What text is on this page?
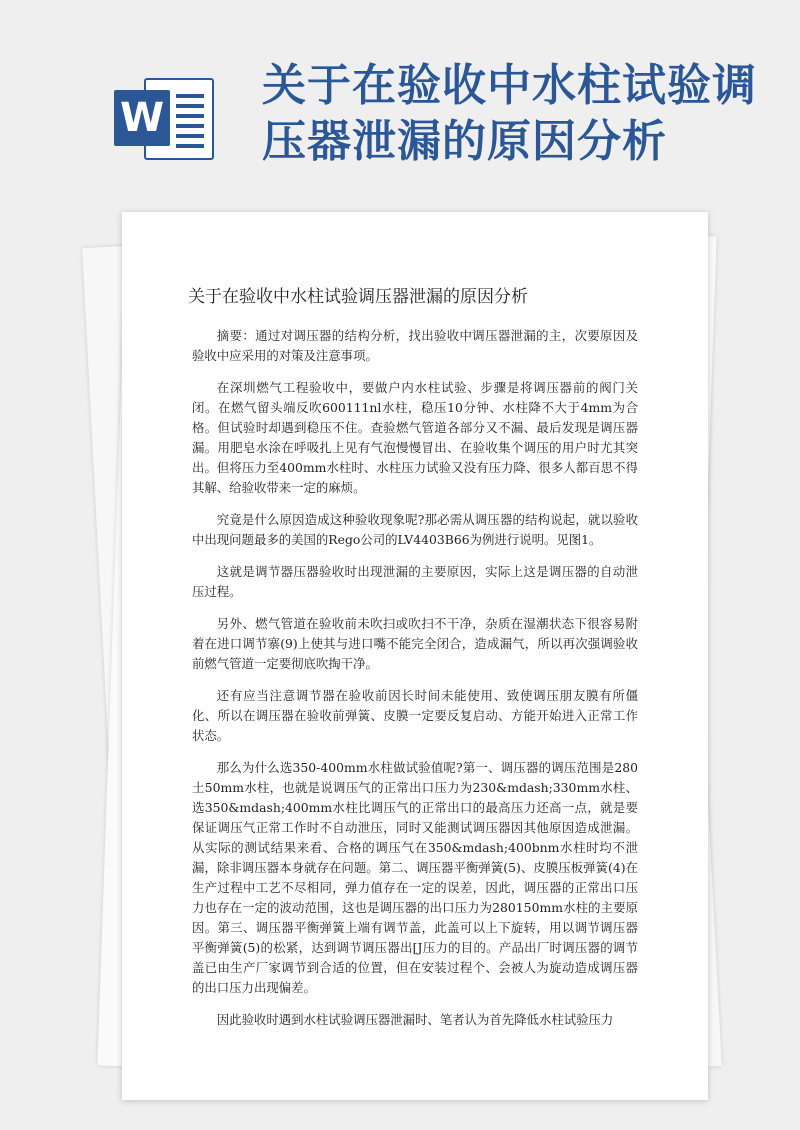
W
关于在验收中水柱试验调压器泄漏的原因分析
关于在验收中水柱试验调压器泄漏的原因分析

摘要：通过对调压器的结构分析，找出验收中调压器泄漏的主，次要原因及验收中应采用的对策及注意事项。

在深圳燃气工程验收中，要做户内水柱试验、步骤是将调压器前的阀门关闭。在燃气留头端反吹600111nl水柱，稳压10分钟、水柱降不大于4mm为合格。但试验时却遇到稳压不住。查验燃气管道各部分又不漏、最后发现是调压器漏。用肥皂水涂在呼吸扎上见有气泡慢慢冒出、在验收集个调压的用户时尤其突出。但将压力至400mm水柱时、水柱压力试验又没有压力降、很多人都百思不得其解、给验收带来一定的麻烦。

究竟是什么原因造成这种验收现象呢?那必需从调压器的结构说起，就以验收中出现问题最多的美国的Rego公司的LV4403B66为例进行说明。见图1。

这就是调节器压器验收时出现泄漏的主要原因，实际上这是调压器的自动泄压过程。

另外、燃气管道在验收前未吹扫或吹扫不干净，杂质在湿潮状态下很容易附着在进口调节寨(9)上使其与进口嘴不能完全闭合，造成漏气，所以再次强调验收前燃气管道一定要彻底吹掏干净。

还有应当注意调节器在验收前因长时间未能使用、致使调压朋友膜有所僵化、所以在调压器在验收前弹簧、皮膜一定要反复启动、方能开始进入正常工作状态。

那么为什么选350-400mm水柱做试验值呢?第一、调压器的调压范围是280土50mm水柱，也就是说调压气的正常出口压力为230&mdash;330mm水柱、选350&mdash;400mm水柱比调压气的正常出口的最高压力还高一点，就是要保证调压气正常工作时不自动泄压，同时又能测试调压器因其他原因造成泄漏。从实际的测试结果来看、合格的调压气在350&mdash;400bnm水柱时均不泄漏，除非调压器本身就存在问题。第二、调压器平衡弹簧(5)、皮膜压板弹簧(4)在生产过程中工艺不尽相同，弹力值存在一定的误差，因此，调压器的正常出口压力也存在一定的波动范围，这也是调压器的出口压力为280150mm水柱的主要原因。第三、调压器平衡弹簧上端有调节盖，此盖可以上下旋转，用以调节调压器平衡弹簧(5)的松紧，达到调节调压器出[J压力的目的。产品出厂时调压器的调节盖已由生产厂家调节到合适的位置，但在安装过程个、会被人为旋动造成调压器的出口压力出现偏差。

因此验收时遇到水柱试验调压器泄漏时、笔者认为首先降低水柱试验压力
